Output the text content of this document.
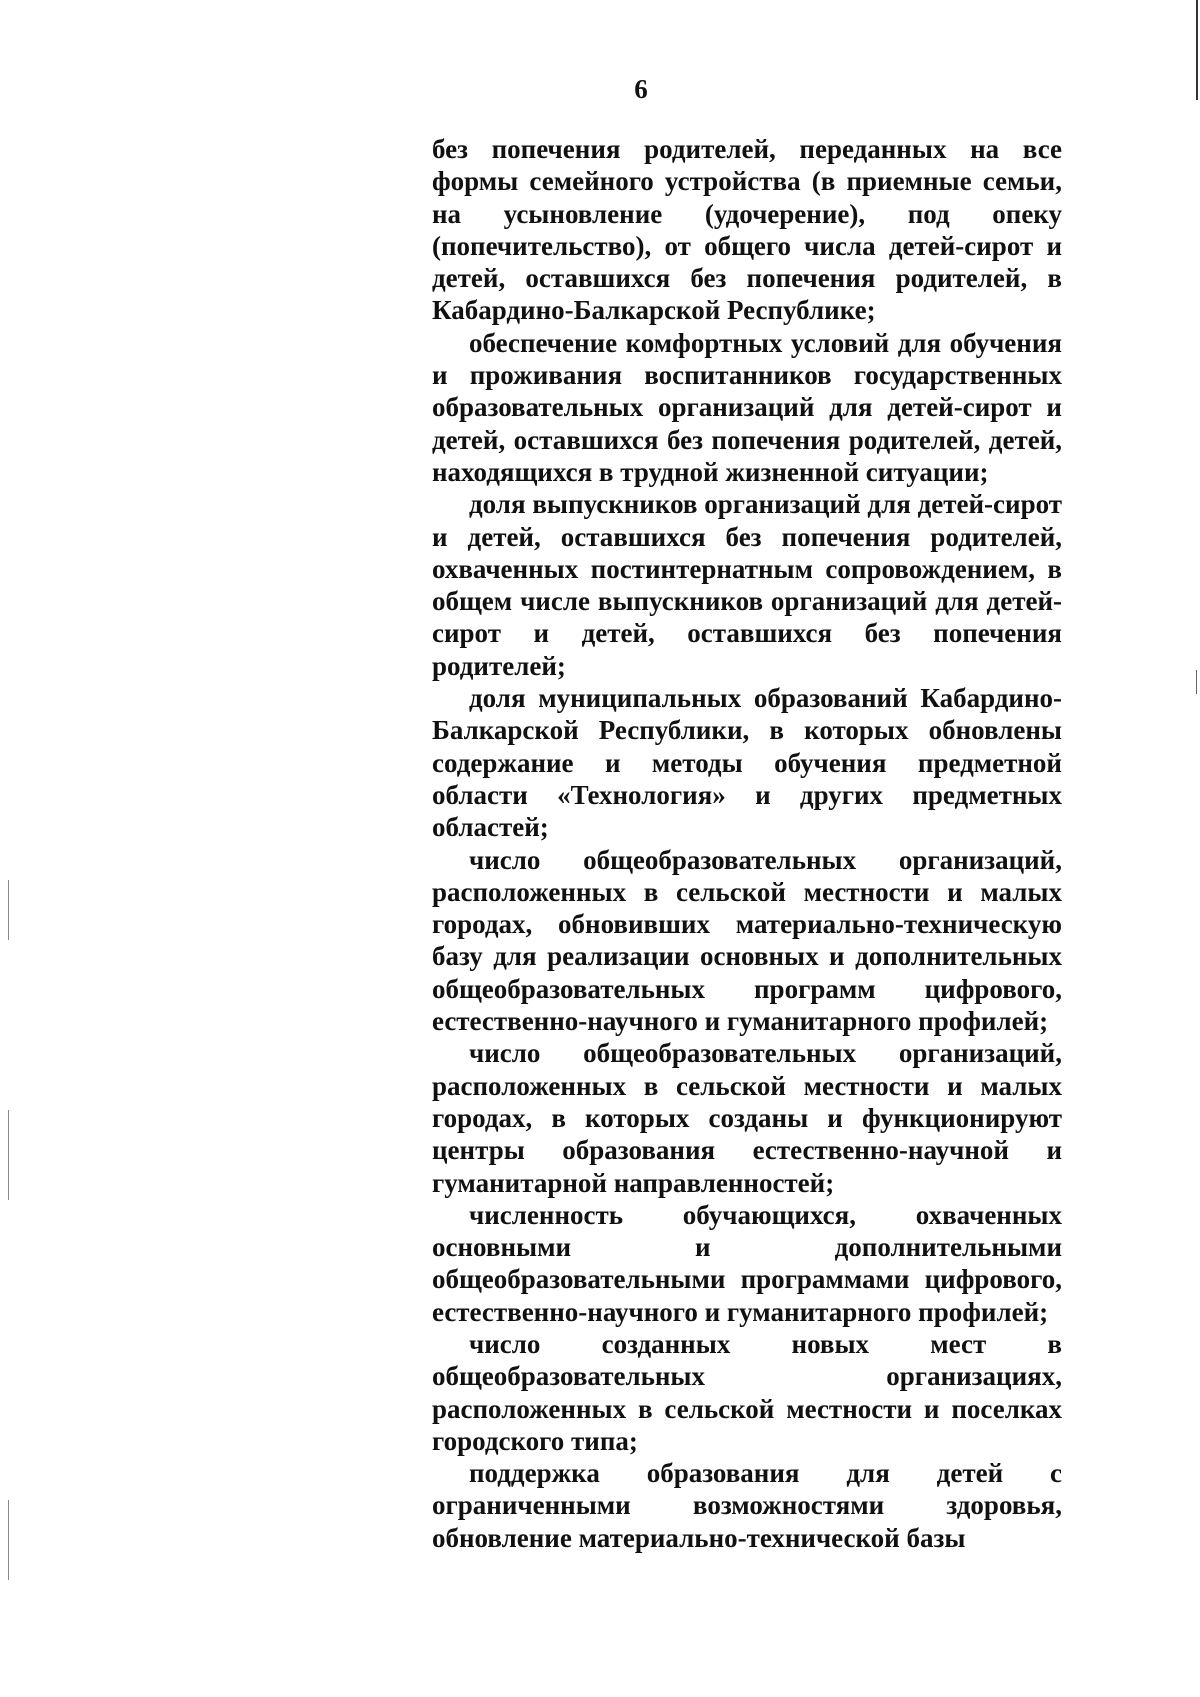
6

без попечения родителей, переданных на все формы семейного устройства (в приемные семьи, на усыновление (удочерение), под опеку (попечительство), от общего числа детей-сирот и детей, оставшихся без попечения родителей, в Кабардино-Балкарской Республике;

обеспечение комфортных условий для обучения и проживания воспитанников государственных образовательных организаций для детей-сирот и детей, оставшихся без попечения родителей, детей, находящихся в трудной жизненной ситуации;

доля выпускников организаций для детей-сирот и детей, оставшихся без попечения родителей, охваченных постинтернатным сопровождением, в общем числе выпускников организаций для детей-сирот и детей, оставшихся без попечения родителей;

доля муниципальных образований Кабардино-Балкарской Республики, в которых обновлены содержание и методы обучения предметной области «Технология» и других предметных областей;

число общеобразовательных организаций, расположенных в сельской местности и малых городах, обновивших материально-техническую базу для реализации основных и дополнительных общеобразовательных программ цифрового, естественно-научного и гуманитарного профилей;

число общеобразовательных организаций, расположенных в сельской местности и малых городах, в которых созданы и функционируют центры образования естественно-научной и гуманитарной направленностей;

численность обучающихся, охваченных основными и дополнительными общеобразовательными программами цифрового, естественно-научного и гуманитарного профилей;

число созданных новых мест в общеобразовательных организациях, расположенных в сельской местности и поселках городского типа;

поддержка образования для детей с ограниченными возможностями здоровья, обновление материально-технической базы
